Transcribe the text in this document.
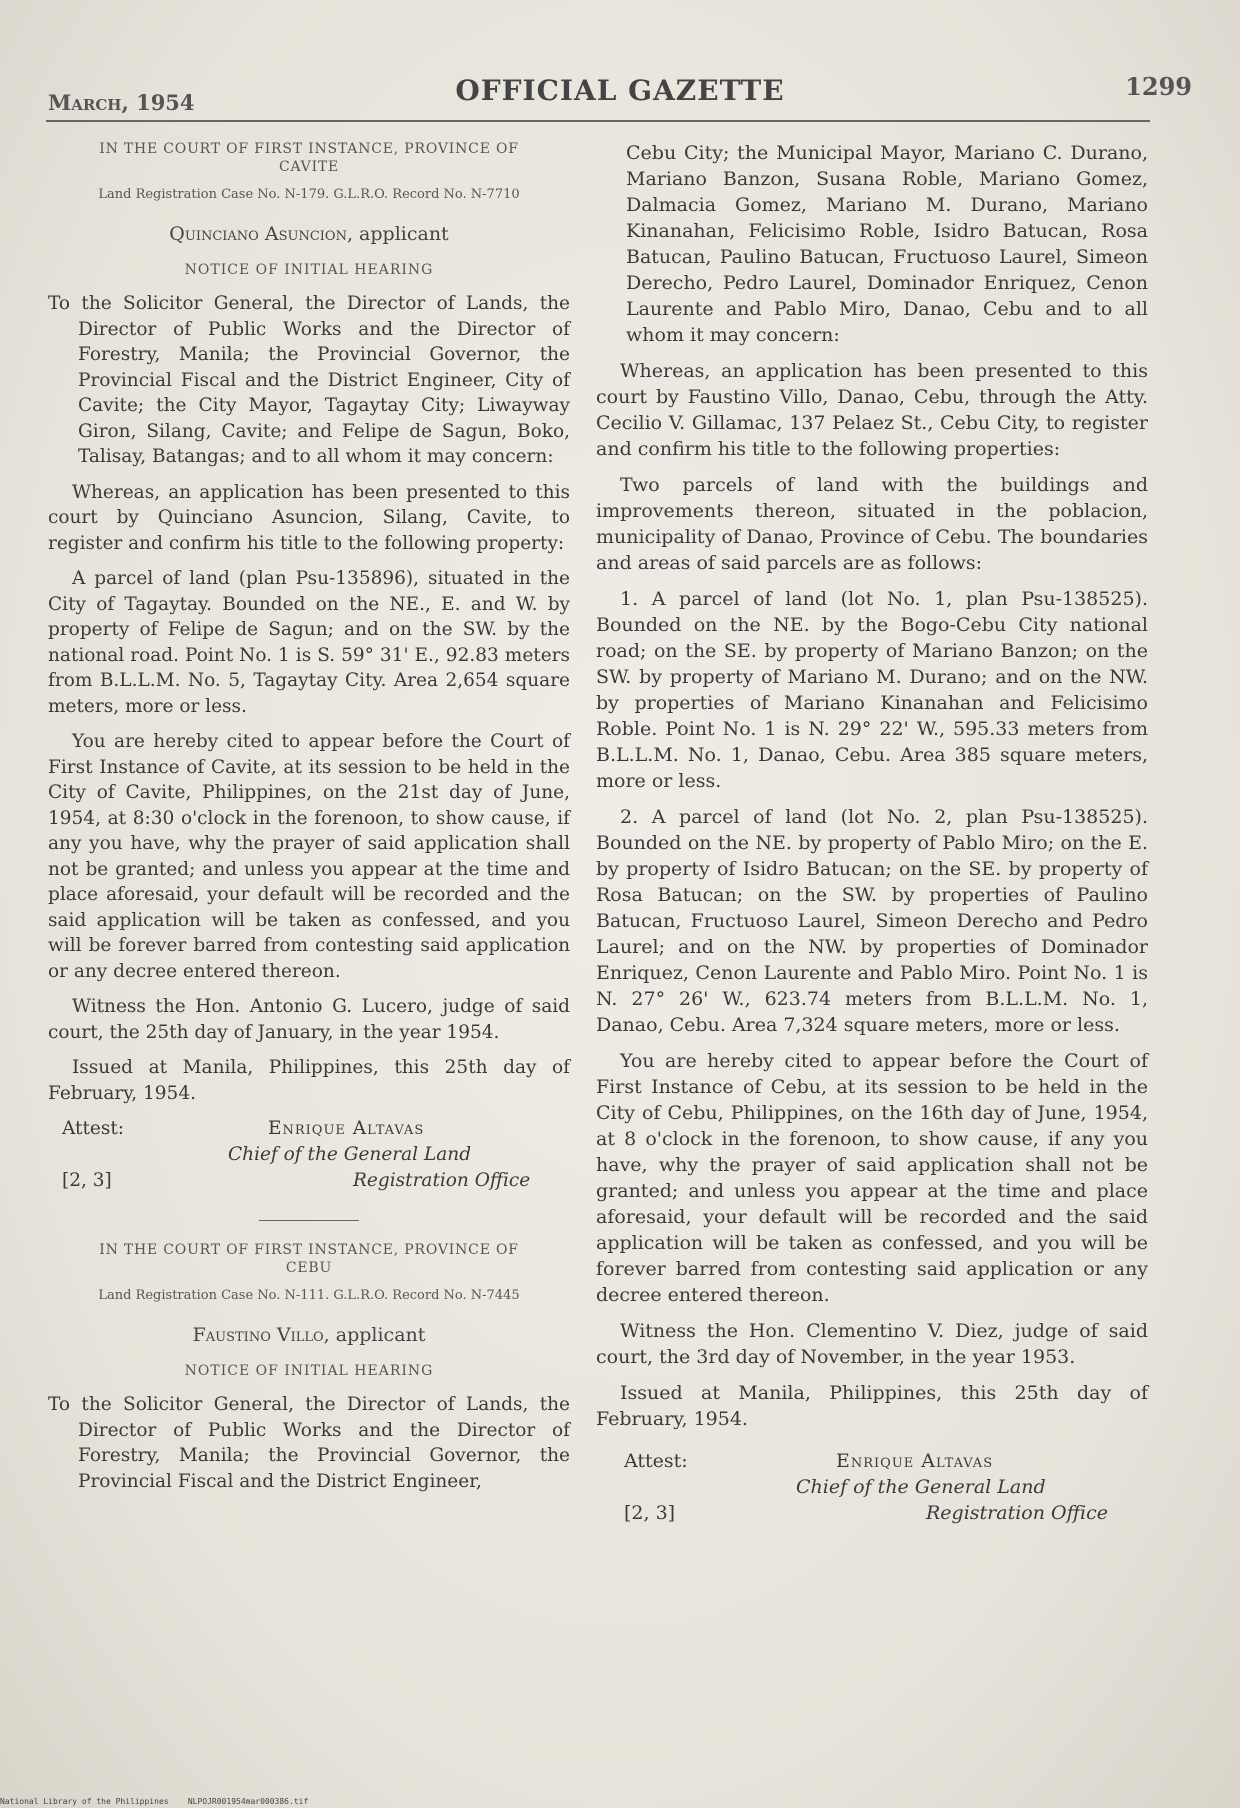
March, 1954	OFFICIAL GAZETTE	1299
IN THE COURT OF FIRST INSTANCE, PROVINCE OF CAVITE
Land Registration Case No. N-179. G.L.R.O. Record No. N-7710
Quinciano Asuncion, applicant
NOTICE OF INITIAL HEARING
To the Solicitor General, the Director of Lands, the Director of Public Works and the Director of Forestry, Manila; the Provincial Governor, the Provincial Fiscal and the District Engineer, City of Cavite; the City Mayor, Tagaytay City; Liwayway Giron, Silang, Cavite; and Felipe de Sagun, Boko, Talisay, Batangas; and to all whom it may concern:

Whereas, an application has been presented to this court by Quinciano Asuncion, Silang, Cavite, to register and confirm his title to the following property:

A parcel of land (plan Psu-135896), situated in the City of Tagaytay. Bounded on the NE., E. and W. by property of Felipe de Sagun; and on the SW. by the national road. Point No. 1 is S. 59° 31' E., 92.83 meters from B.L.L.M. No. 5, Tagaytay City. Area 2,654 square meters, more or less.

You are hereby cited to appear before the Court of First Instance of Cavite, at its session to be held in the City of Cavite, Philippines, on the 21st day of June, 1954, at 8:30 o'clock in the forenoon, to show cause, if any you have, why the prayer of said application shall not be granted; and unless you appear at the time and place aforesaid, your default will be recorded and the said application will be taken as confessed, and you will be forever barred from contesting said application or any decree entered thereon.

Witness the Hon. Antonio G. Lucero, judge of said court, the 25th day of January, in the year 1954.

Issued at Manila, Philippines, this 25th day of February, 1954.

Attest:	Enrique Altavas
Chief of the General Land
[2, 3]	Registration Office
IN THE COURT OF FIRST INSTANCE, PROVINCE OF CEBU
Land Registration Case No. N-111. G.L.R.O. Record No. N-7445
Faustino Villo, applicant
NOTICE OF INITIAL HEARING
To the Solicitor General, the Director of Lands, the Director of Public Works and the Director of Forestry, Manila; the Provincial Governor, the Provincial Fiscal and the District Engineer,
Cebu City; the Municipal Mayor, Mariano C. Durano, Mariano Banzon, Susana Roble, Mariano Gomez, Dalmacia Gomez, Mariano M. Durano, Mariano Kinanahan, Felicisimo Roble, Isidro Batucan, Rosa Batucan, Paulino Batucan, Fructuoso Laurel, Simeon Derecho, Pedro Laurel, Dominador Enriquez, Cenon Laurente and Pablo Miro, Danao, Cebu and to all whom it may concern:

Whereas, an application has been presented to this court by Faustino Villo, Danao, Cebu, through the Atty. Cecilio V. Gillamac, 137 Pelaez St., Cebu City, to register and confirm his title to the following properties:

Two parcels of land with the buildings and improvements thereon, situated in the poblacion, municipality of Danao, Province of Cebu. The boundaries and areas of said parcels are as follows:

1. A parcel of land (lot No. 1, plan Psu-138525). Bounded on the NE. by the Bogo-Cebu City national road; on the SE. by property of Mariano Banzon; on the SW. by property of Mariano M. Durano; and on the NW. by properties of Mariano Kinanahan and Felicisimo Roble. Point No. 1 is N. 29° 22' W., 595.33 meters from B.L.L.M. No. 1, Danao, Cebu. Area 385 square meters, more or less.

2. A parcel of land (lot No. 2, plan Psu-138525). Bounded on the NE. by property of Pablo Miro; on the E. by property of Isidro Batucan; on the SE. by property of Rosa Batucan; on the SW. by properties of Paulino Batucan, Fructuoso Laurel, Simeon Derecho and Pedro Laurel; and on the NW. by properties of Dominador Enriquez, Cenon Laurente and Pablo Miro. Point No. 1 is N. 27° 26' W., 623.74 meters from B.L.L.M. No. 1, Danao, Cebu. Area 7,324 square meters, more or less.

You are hereby cited to appear before the Court of First Instance of Cebu, at its session to be held in the City of Cebu, Philippines, on the 16th day of June, 1954, at 8 o'clock in the forenoon, to show cause, if any you have, why the prayer of said application shall not be granted; and unless you appear at the time and place aforesaid, your default will be recorded and the said application will be taken as confessed, and you will be forever barred from contesting said application or any decree entered thereon.

Witness the Hon. Clementino V. Diez, judge of said court, the 3rd day of November, in the year 1953.

Issued at Manila, Philippines, this 25th day of February, 1954.

Attest:	Enrique Altavas
Chief of the General Land
[2, 3]	Registration Office
National Library of the Philippines NLPOJR001954mar000386.tif
